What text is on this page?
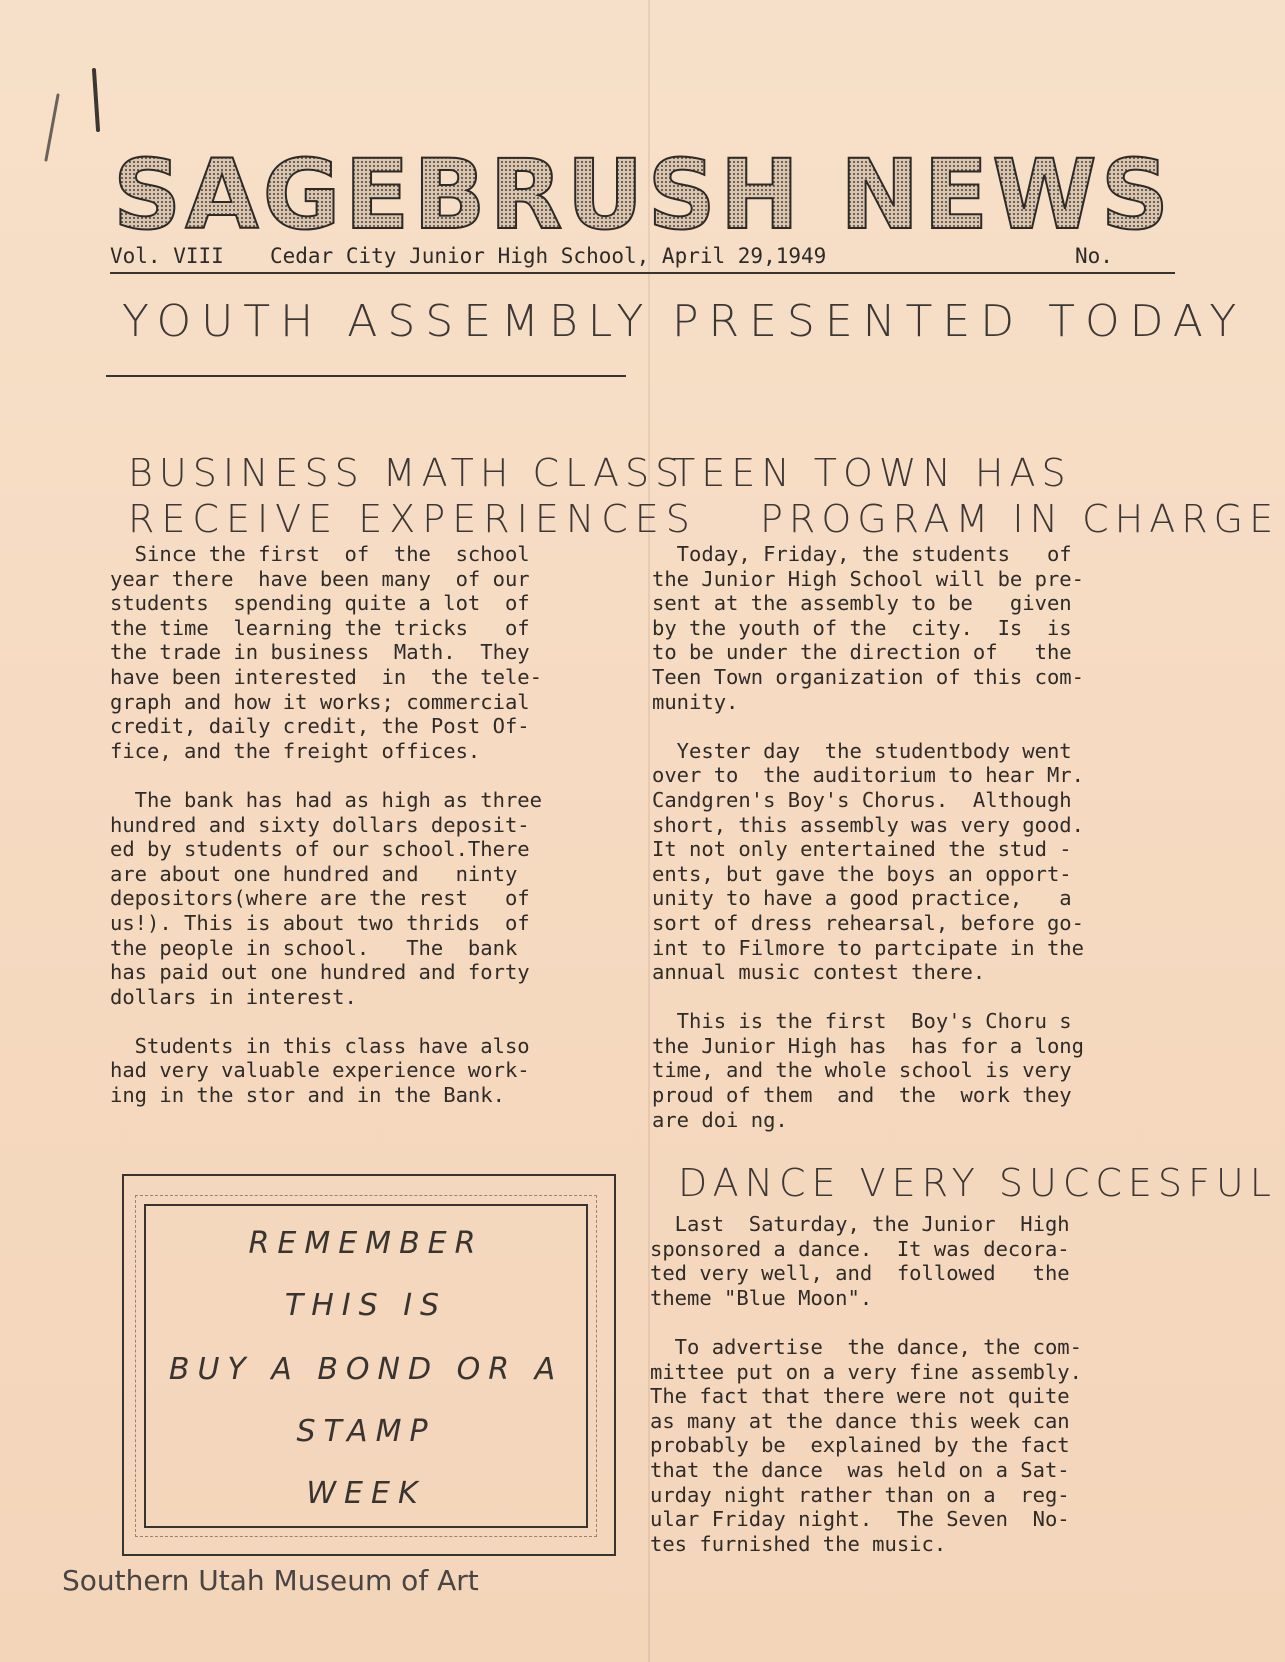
SAGEBRUSH NEWS

Vol. VIII

Cedar City Junior High School, April 29,1949

	No.

YOUTH ASSEMBLY PRESENTED TODAY
BUSINESS MATH CLASS
RECEIVE EXPERIENCES
Since the first  of  the  school
year there  have been many  of our
students  spending quite a lot  of
the time  learning the tricks   of
the trade in business  Math.  They
have been interested  in  the tele-
graph and how it works; commercial
credit, daily credit, the Post Of-
fice, and the freight offices.

The bank has had as high as three
hundred and sixty dollars deposit-
ed by students of our school.There
are about one hundred and   ninty
depositors(where are the rest   of
us!). This is about two thrids  of
the people in school.   The  bank
has paid out one hundred and forty
dollars in interest.

Students in this class have also
had very valuable experience work-
ing in the stor and in the Bank.
TEEN TOWN HAS
PROGRAM IN CHARGE
Today, Friday, the students   of
the Junior High School will be pre-
sent at the assembly to be   given
by the youth of the  city.  Is  is
to be under the direction of   the
Teen Town organization of this com-
munity.

Yester day  the studentbody went
over to  the auditorium to hear Mr.
Candgren's Boy's Chorus.  Although
short, this assembly was very good.
It not only entertained the stud -
ents, but gave the boys an opport-
unity to have a good practice,   a
sort of dress rehearsal, before go-
int to Filmore to partcipate in the
annual music contest there.

This is the first  Boy's Choru s
the Junior High has  has for a long
time, and the whole school is very
proud of them  and  the  work they
are doi ng.
DANCE VERY SUCCESFUL
Last  Saturday, the Junior  High
sponsored a dance.  It was decora-
ted very well, and  followed   the
theme "Blue Moon".

To advertise  the dance, the com-
mittee put on a very fine assembly.
The fact that there were not quite
as many at the dance this week can
probably be  explained by the fact
that the dance  was held on a Sat-
urday night rather than on a  reg-
ular Friday night.  The Seven  No-
tes furnished the music.
REMEMBER
THIS IS
BUY A BOND OR A
STAMP
WEEK
Southern Utah Museum of Art
